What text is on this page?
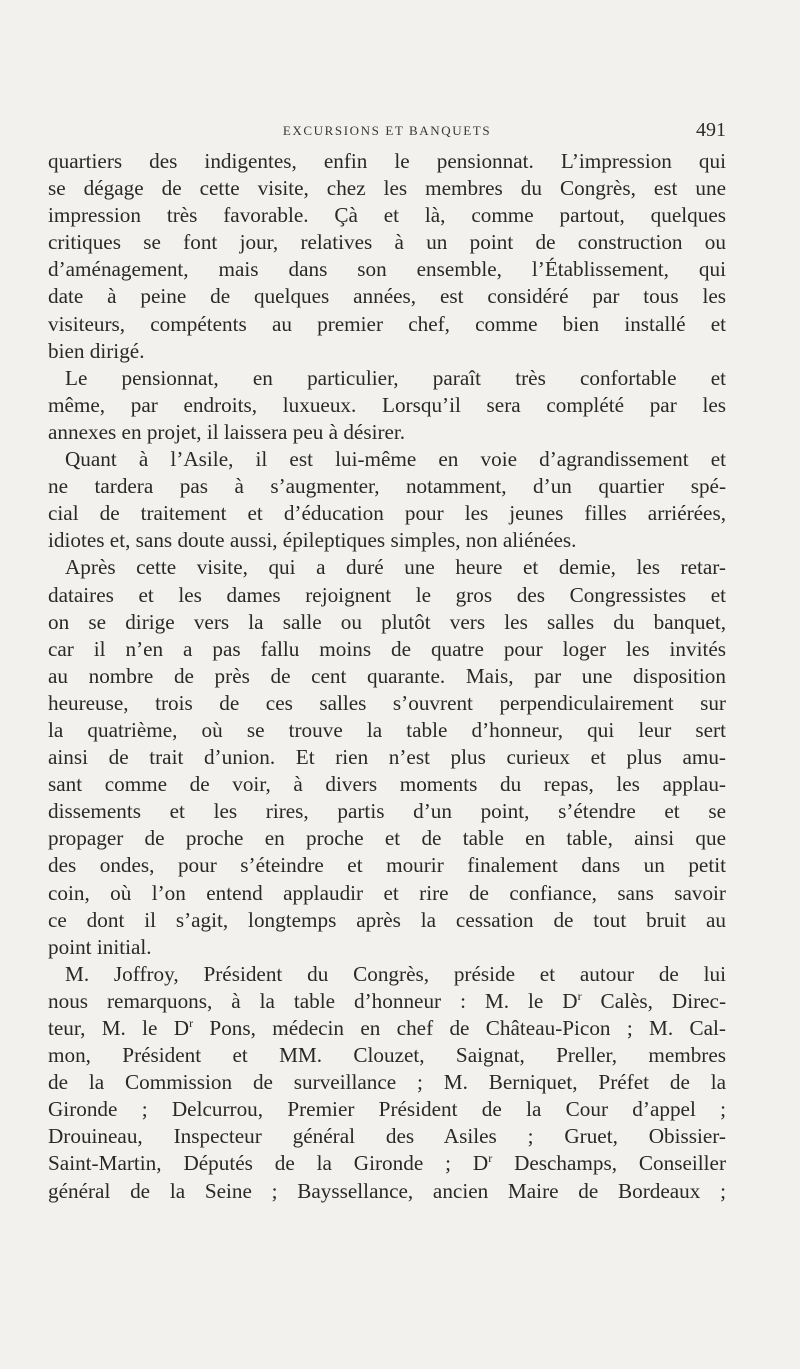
EXCURSIONS ET BANQUETS	491
quartiers des indigentes, enfin le pensionnat. L’impression qui
se dégage de cette visite, chez les membres du Congrès, est une
impression très favorable. Çà et là, comme partout, quelques
critiques se font jour, relatives à un point de construction ou
d’aménagement, mais dans son ensemble, l’Établissement, qui
date à peine de quelques années, est considéré par tous les
visiteurs, compétents au premier chef, comme bien installé et
bien dirigé.
Le pensionnat, en particulier, paraît très confortable et
même, par endroits, luxueux. Lorsqu’il sera complété par les
annexes en projet, il laissera peu à désirer.
Quant à l’Asile, il est lui-même en voie d’agrandissement et
ne tardera pas à s’augmenter, notamment, d’un quartier spé-
cial de traitement et d’éducation pour les jeunes filles arriérées,
idiotes et, sans doute aussi, épileptiques simples, non aliénées.
Après cette visite, qui a duré une heure et demie, les retar-
dataires et les dames rejoignent le gros des Congressistes et
on se dirige vers la salle ou plutôt vers les salles du banquet,
car il n’en a pas fallu moins de quatre pour loger les invités
au nombre de près de cent quarante. Mais, par une disposition
heureuse, trois de ces salles s’ouvrent perpendiculairement sur
la quatrième, où se trouve la table d’honneur, qui leur sert
ainsi de trait d’union. Et rien n’est plus curieux et plus amu-
sant comme de voir, à divers moments du repas, les applau-
dissements et les rires, partis d’un point, s’étendre et se
propager de proche en proche et de table en table, ainsi que
des ondes, pour s’éteindre et mourir finalement dans un petit
coin, où l’on entend applaudir et rire de confiance, sans savoir
ce dont il s’agit, longtemps après la cessation de tout bruit au
point initial.
M. Joffroy, Président du Congrès, préside et autour de lui
nous remarquons, à la table d’honneur : M. le $D^r$ Calès, Direc-
teur, M. le $D^r$ Pons, médecin en chef de Château-Picon ; M. Cal-
mon, Président et MM. Clouzet, Saignat, Preller, membres
de la Commission de surveillance ; M. Berniquet, Préfet de la
Gironde ; Delcurrou, Premier Président de la Cour d’appel ;
Drouineau, Inspecteur général des Asiles ; Gruet, Obissier-
Saint-Martin, Députés de la Gironde ; $D^r$ Deschamps, Conseiller
général de la Seine ; Bayssellance, ancien Maire de Bordeaux ;
